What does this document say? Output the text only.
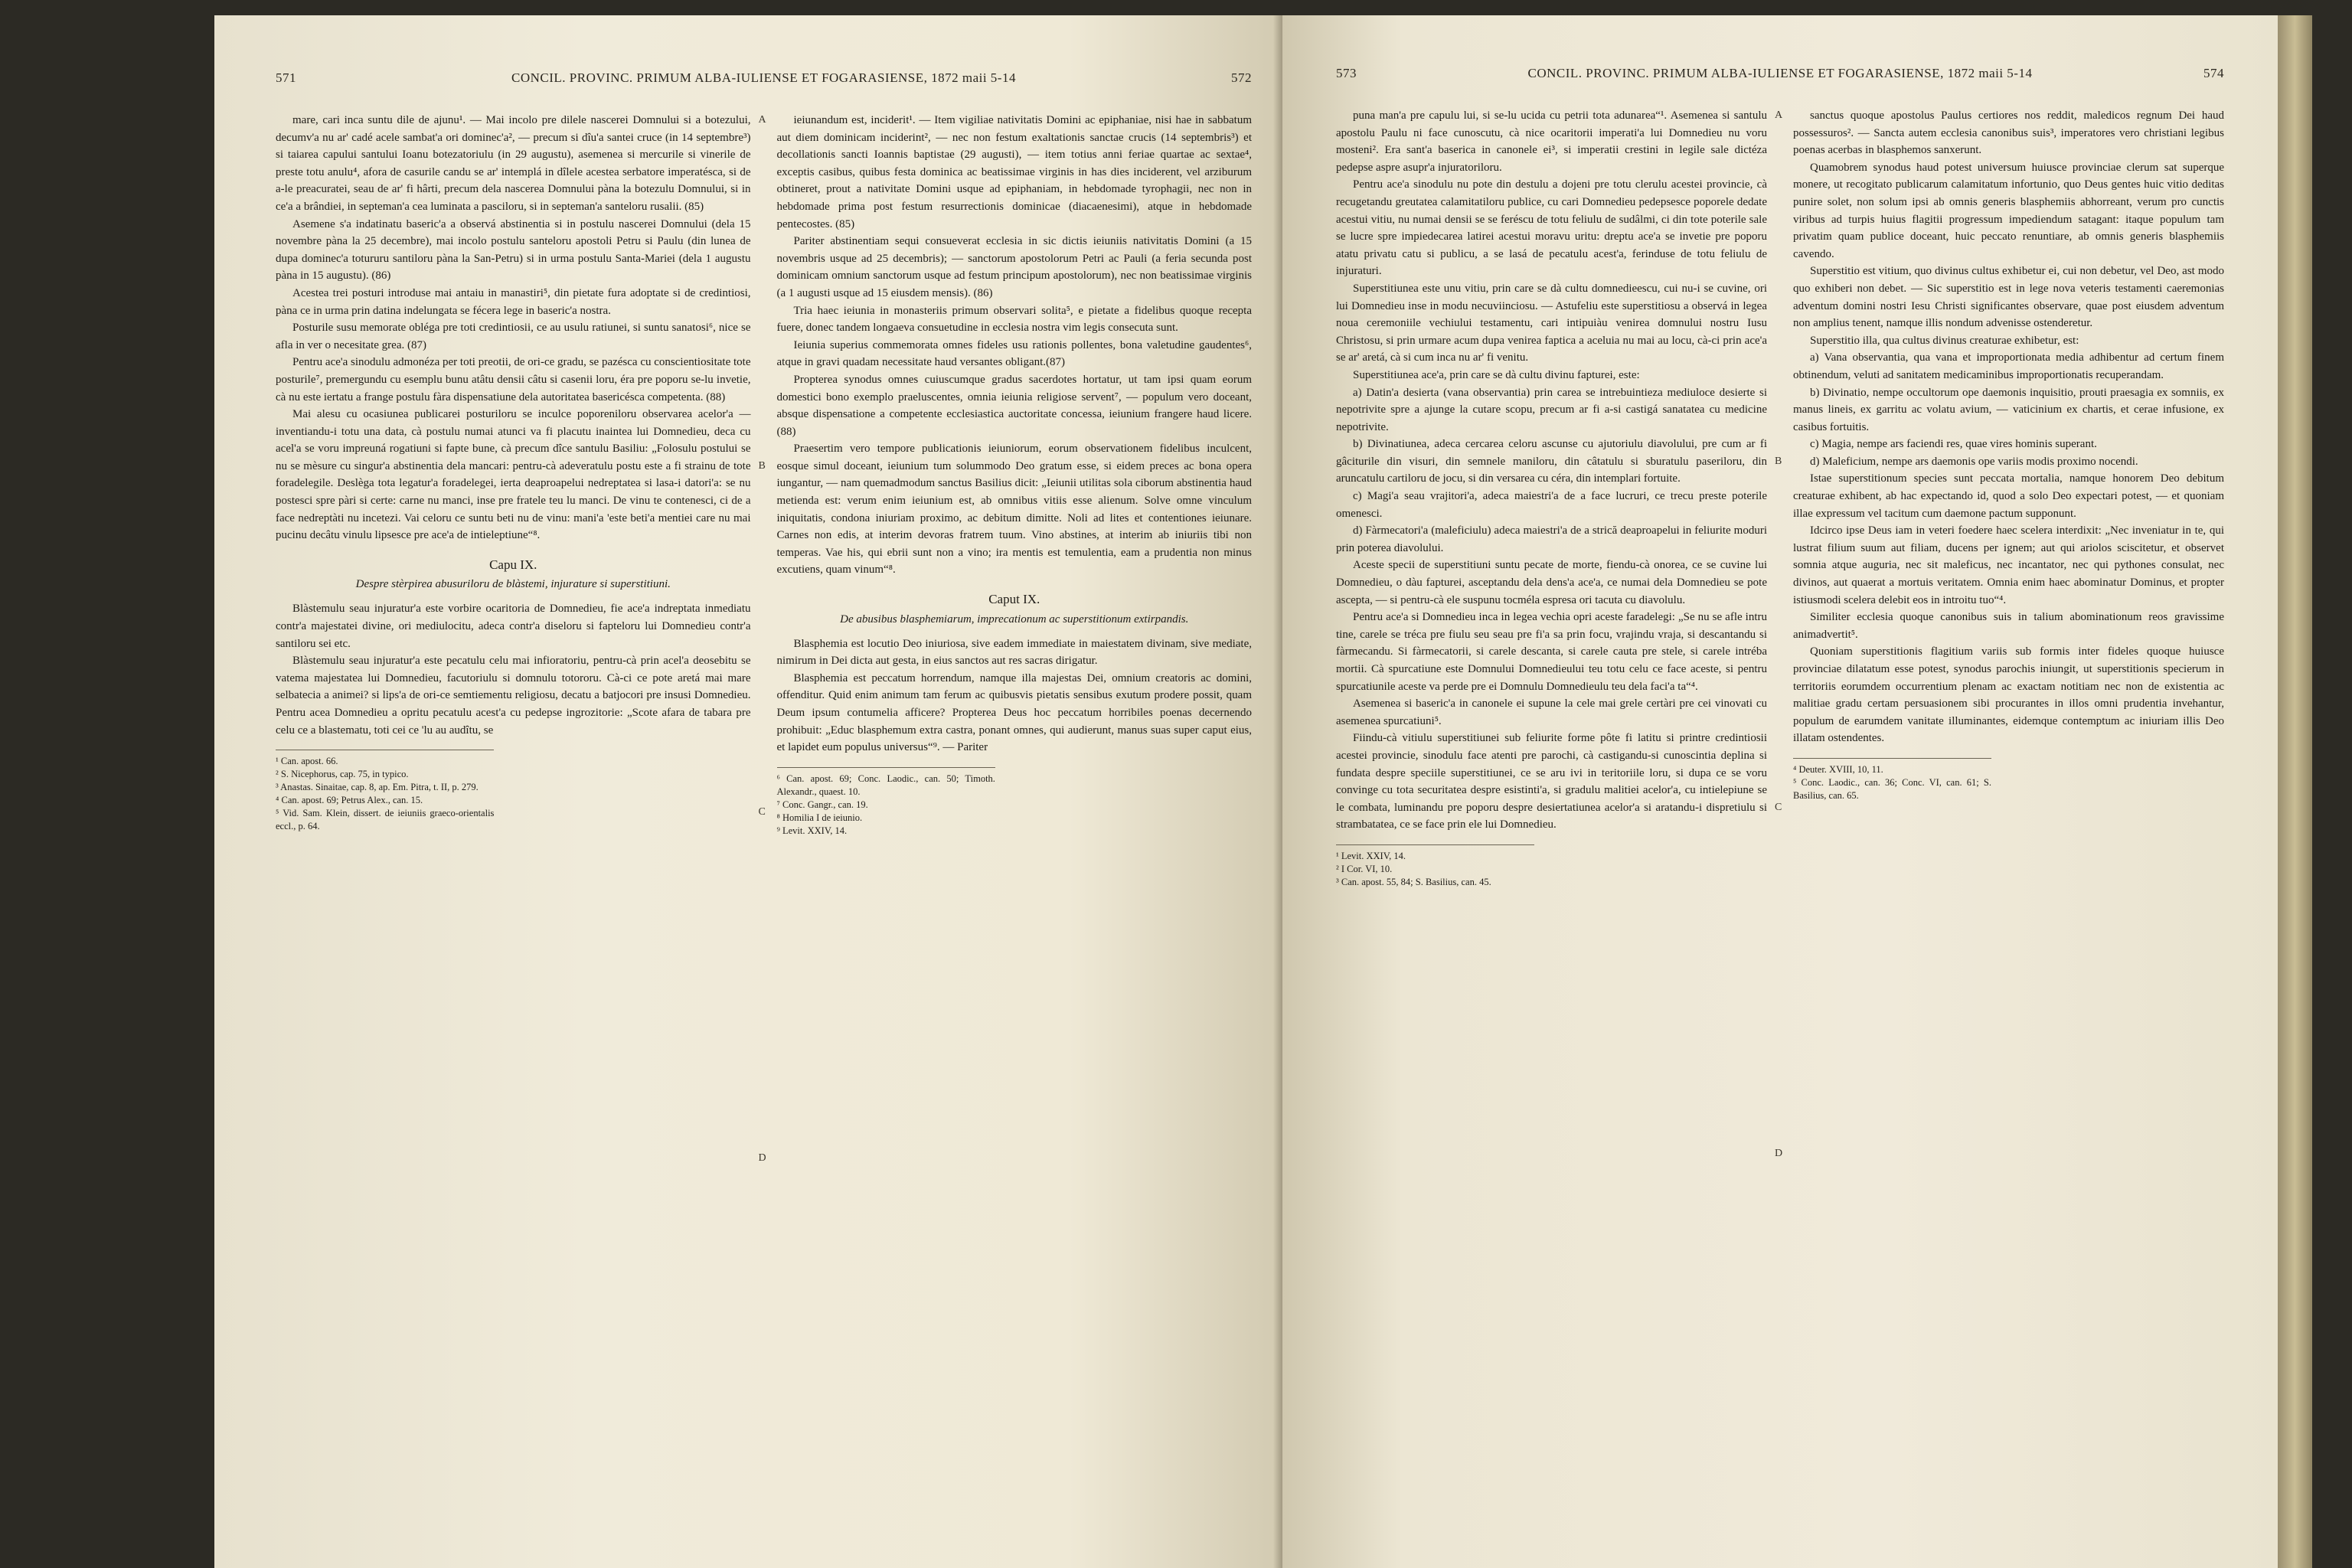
571	CONCIL. PROVINC. PRIMUM ALBA-IULIENSE ET FOGARASIENSE, 1872 maii 5-14	572

mare, cari inca suntu dile de ajunu¹. — Mai incolo pre dilele nascerei Domnului si a botezului, decumv'a nu ar' cadé acele sambat'a ori dominec'a², — precum si dîu'a santei cruce (in 14 septembre³) si taiarea capului santului Ioanu botezatoriulu (in 29 augustu), asemenea si mercurile si vinerile de preste totu anulu⁴, afora de casurile candu se ar' intemplá in dîlele acestea serbatore imperatésca, si de a-le preacuratei, seau de ar' fi hârti, precum dela nascerea Domnului pàna la botezulu Domnului, si in ce'a a brândiei, in septeman'a cea luminata a pasciloru, si in septeman'a santeloru rusalii. (85)

Asemene s'a indatinatu baseric'a a observá abstinentia si in postulu nascerei Domnului (dela 15 novembre pàna la 25 decembre), mai incolo postulu santeloru apostoli Petru si Paulu (din lunea de dupa dominec'a totururu santiloru pàna la San-Petru) si in urma postulu Santa-Mariei (dela 1 augustu pàna in 15 augustu). (86)

Acestea trei posturi introduse mai antaiu in manastiri⁵, din pietate fura adoptate si de credintiosi, pàna ce in urma prin datina indelungata se fécera lege in baseric'a nostra.

Posturile susu memorate obléga pre toti credintiosii, ce au usulu ratiunei, si suntu sanatosi⁶, nice se afla in ver o necesitate grea. (87)

Pentru ace'a sinodulu admonéza per toti preotii, de ori-ce gradu, se pazésca cu conscientiositate tote posturile⁷, premergundu cu esemplu bunu atâtu densii câtu si casenii loru, éra pre poporu se-lu invetie, cà nu este iertatu a frange postulu fàra dispensatiune dela autoritatea basericésca competenta. (88)

Mai alesu cu ocasiunea publicarei posturiloru se inculce poporeniloru observarea acelor'a — inventiandu-i totu una data, cà postulu numai atunci va fi placutu inaintea lui Domnedieu, deca cu acel'a se voru impreuná rogatiuni si fapte bune, cà precum dîce santulu Basiliu: „Folosulu postului se nu se mèsure cu singur'a abstinentia dela mancari: pentru-cà adeveratulu postu este a fi strainu de tote foradelegile. Deslèga tota legatur'a foradelegei, ierta deaproapelui nedreptatea si lasa-i datori'a: se nu postesci spre pàri si certe: carne nu manci, inse pre fratele teu lu manci. De vinu te contenesci, ci de a face nedreptàti nu incetezi. Vai celoru ce suntu beti nu de vinu: mani'a 'este beti'a mentiei care nu mai pucinu decâtu vinulu lipsesce pre ace'a de intieleptiune“⁸.

Capu IX.
Despre stèrpirea abusuriloru de blàstemi, injurature si superstitiuni.

Blàstemulu seau injuratur'a este vorbire ocaritoria de Domnedieu, fie ace'a indreptata inmediatu contr'a majestatei divine, ori mediulocitu, adeca contr'a diseloru si fapteloru lui Domnedieu contr'a santiloru sei etc.

Blàstemulu seau injuratur'a este pecatulu celu mai infioratoriu, pentru-cà prin acel'a deosebitu se vatema majestatea lui Domnedieu, facutoriulu si domnulu totororu. Cà-ci ce pote aretá mai mare selbatecia a animei? si lips'a de ori-ce semtiementu religiosu, decatu a batjocori pre insusi Domnedieu. Pentru acea Domnedieu a opritu pecatulu acest'a cu pedepse ingrozitorie: „Scote afara de tabara pre celu ce a blastematu, toti cei ce 'lu au audîtu, se

¹ Can. apost. 66.
² S. Nicephorus, cap. 75, in typico.
³ Anastas. Sinaitae, cap. 8, ap. Em. Pitra, t. II, p. 279.
⁴ Can. apost. 69; Petrus Alex., can. 15.
⁵ Vid. Sam. Klein, dissert. de ieiuniis graeco-orientalis eccl., p. 64.
A
B
C
D

ieiunandum est, inciderit¹. — Item vigiliae nativitatis Domini ac epiphaniae, nisi hae in sabbatum aut diem dominicam inciderint², — nec non festum exaltationis sanctae crucis (14 septembris³) et decollationis sancti Ioannis baptistae (29 augusti), — item totius anni feriae quartae ac sextae⁴, exceptis casibus, quibus festa dominica ac beatissimae virginis in has dies inciderent, vel arziburum obtineret, prout a nativitate Domini usque ad epiphaniam, in hebdomade tyrophagii, nec non in hebdomade prima post festum resurrectionis dominicae (diacaenesimi), atque in hebdomade pentecostes. (85)

Pariter abstinentiam sequi consueverat ecclesia in sic dictis ieiuniis nativitatis Domini (a 15 novembris usque ad 25 decembris); — sanctorum apostolorum Petri ac Pauli (a feria secunda post dominicam omnium sanctorum usque ad festum principum apostolorum), nec non beatissimae virginis (a 1 augusti usque ad 15 eiusdem mensis). (86)

Tria haec ieiunia in monasteriis primum observari solita⁵, e pietate a fidelibus quoque recepta fuere, donec tandem longaeva consuetudine in ecclesia nostra vim legis consecuta sunt.

Ieiunia superius commemorata omnes fideles usu rationis pollentes, bona valetudine gaudentes⁶, atque in gravi quadam necessitate haud versantes obligant.(87)

Propterea synodus omnes cuiuscumque gradus sacerdotes hortatur, ut tam ipsi quam eorum domestici bono exemplo praeluscentes, omnia ieiunia religiose servent⁷, — populum vero doceant, absque dispensatione a competente ecclesiastica auctoritate concessa, ieiunium frangere haud licere. (88)

Praesertim vero tempore publicationis ieiuniorum, eorum observationem fidelibus inculcent, eosque simul doceant, ieiunium tum solummodo Deo gratum esse, si eidem preces ac bona opera iungantur, — nam quemadmodum sanctus Basilius dicit: „Ieiunii utilitas sola ciborum abstinentia haud metienda est: verum enim ieiunium est, ab omnibus vitiis esse alienum. Solve omne vinculum iniquitatis, condona iniuriam proximo, ac debitum dimitte. Noli ad lites et contentiones ieiunare. Carnes non edis, at interim devoras fratrem tuum. Vino abstines, at interim ab iniuriis tibi non temperas. Vae his, qui ebrii sunt non a vino; ira mentis est temulentia, eam a prudentia non minus excutiens, quam vinum“⁸.

Caput IX.
De abusibus blasphemiarum, imprecationum ac superstitionum extirpandis.

Blasphemia est locutio Deo iniuriosa, sive eadem immediate in maiestatem divinam, sive mediate, nimirum in Dei dicta aut gesta, in eius sanctos aut res sacras dirigatur.

Blasphemia est peccatum horrendum, namque illa majestas Dei, omnium creatoris ac domini, offenditur. Quid enim animum tam ferum ac quibusvis pietatis sensibus exutum prodere possit, quam Deum ipsum contumelia afficere? Propterea Deus hoc peccatum horribiles poenas decernendo prohibuit: „Educ blasphemum extra castra, ponant omnes, qui audierunt, manus suas super caput eius, et lapidet eum populus universus“⁹. — Pariter

⁶ Can. apost. 69; Conc. Laodic., can. 50; Timoth. Alexandr., quaest. 10.
⁷ Conc. Gangr., can. 19.
⁸ Homilia I de ieiunio.
⁹ Levit. XXIV, 14.
573	CONCIL. PROVINC. PRIMUM ALBA-IULIENSE ET FOGARASIENSE, 1872 maii 5-14	574

puna man'a pre capulu lui, si se-lu ucida cu petrii tota adunarea“¹. Asemenea si santulu apostolu Paulu ni face cunoscutu, cà nice ocaritorii imperati'a lui Domnedieu nu voru mosteni². Era sant'a baserica in canonele ei³, si imperatii crestini in legile sale dictéza pedepse aspre asupr'a injuratoriloru.

Pentru ace'a sinodulu nu pote din destulu a dojeni pre totu clerulu acestei provincie, cà recugetandu greutatea calamitatiloru publice, cu cari Domnedieu pedepsesce poporele dedate acestui vitiu, nu numai densii se se feréscu de totu feliulu de sudâlmi, ci din tote poterile sale se lucre spre impiedecarea latirei acestui moravu uritu: dreptu ace'a se invetie pre poporu atatu privatu catu si publicu, a se lasá de pecatulu acest'a, ferinduse de totu feliulu de injuraturi.

Superstitiunea este unu vitiu, prin care se dà cultu domnedieescu, cui nu-i se cuvine, ori lui Domnedieu inse in modu necuviinciosu. — Astufeliu este superstitiosu a observá in legea noua ceremoniile vechiului testamentu, cari intipuiàu venirea domnului nostru Iusu Christosu, si prin urmare acum dupa venirea faptica a aceluia nu mai au locu, cà-ci prin ace'a se ar' aretá, cà si cum inca nu ar' fi venitu.

Superstitiunea ace'a, prin care se dà cultu divinu fapturei, este:

a) Datin'a desierta (vana observantia) prin carea se intrebuintieza mediuloce desierte si nepotrivite spre a ajunge la cutare scopu, precum ar fi a-si castigá sanatatea cu medicine nepotrivite.

b) Divinatiunea, adeca cercarea celoru ascunse cu ajutoriulu diavolului, pre cum ar fi gâciturile din visuri, din semnele maniloru, din câtatulu si sburatulu paseriloru, din aruncatulu cartiloru de jocu, si din versarea cu céra, din intemplari fortuite.

c) Magi'a seau vrajitori'a, adeca maiestri'a de a face lucruri, ce trecu preste poterile omenesci.

d) Fàrmecatori'a (maleficiulu) adeca maiestri'a de a strică deaproapelui in feliurite moduri prin poterea diavolului.

Aceste specii de superstitiuni suntu pecate de morte, fiendu-cà onorea, ce se cuvine lui Domnedieu, o dàu fapturei, asceptandu dela dens'a ace'a, ce numai dela Domnedieu se pote ascepta, — si pentru-cà ele suspunu tocméla espresa ori tacuta cu diavolulu.

Pentru ace'a si Domnedieu inca in legea vechia opri aceste faradelegi: „Se nu se afle intru tine, carele se tréca pre fiulu seu seau pre fi'a sa prin focu, vrajindu vraja, si descantandu si fàrmecandu. Si fàrmecatorii, si carele descanta, si carele cauta pre stele, si carele intréba mortii. Cà spurcatiune este Domnului Domnedieului teu totu celu ce face aceste, si pentru spurcatiunile aceste va perde pre ei Domnulu Domnedieulu teu dela faci'a ta“⁴.

Asemenea si baseric'a in canonele ei supune la cele mai grele certàri pre cei vinovati cu asemenea spurcatiuni⁵.

Fiindu-cà vitiulu superstitiunei sub feliurite forme pôte fi latitu si printre credintiosii acestei provincie, sinodulu face atenti pre parochi, cà castigandu-si cunoscintia deplina si fundata despre speciile superstitiunei, ce se aru ivi in teritoriile loru, si dupa ce se voru convinge cu tota securitatea despre esistinti'a, si gradulu malitiei acelor'a, cu intielepiune se le combata, luminandu pre poporu despre desiertatiunea acelor'a si aratandu-i dispretiulu si strambatatea, ce se face prin ele lui Domnedieu.

¹ Levit. XXIV, 14.
² I Cor. VI, 10.
³ Can. apost. 55, 84; S. Basilius, can. 45.
A
B
C
D

sanctus quoque apostolus Paulus certiores nos reddit, maledicos regnum Dei haud possessuros². — Sancta autem ecclesia canonibus suis³, imperatores vero christiani legibus poenas acerbas in blasphemos sanxerunt.

Quamobrem synodus haud potest universum huiusce provinciae clerum sat superque monere, ut recogitato publicarum calamitatum infortunio, quo Deus gentes huic vitio deditas punire solet, non solum ipsi ab omnis generis blasphemiis abhorreant, verum pro cunctis viribus ad turpis huius flagitii progressum impediendum satagant: itaque populum tam privatim quam publice doceant, huic peccato renuntiare, ab omnis generis blasphemiis cavendo.

Superstitio est vitium, quo divinus cultus exhibetur ei, cui non debetur, vel Deo, ast modo quo exhiberi non debet. — Sic superstitio est in lege nova veteris testamenti caeremonias adventum domini nostri Iesu Christi significantes observare, quae post eiusdem adventum non amplius tenent, namque illis nondum advenisse ostenderetur.

Superstitio illa, qua cultus divinus creaturae exhibetur, est:

a) Vana observantia, qua vana et improportionata media adhibentur ad certum finem obtinendum, veluti ad sanitatem medicaminibus improportionatis recuperandam.

b) Divinatio, nempe occultorum ope daemonis inquisitio, prouti praesagia ex somniis, ex manus lineis, ex garritu ac volatu avium, — vaticinium ex chartis, et cerae infusione, ex casibus fortuitis.

c) Magia, nempe ars faciendi res, quae vires hominis superant.

d) Maleficium, nempe ars daemonis ope variis modis proximo nocendi.

Istae superstitionum species sunt peccata mortalia, namque honorem Deo debitum creaturae exhibent, ab hac expectando id, quod a solo Deo expectari potest, — et quoniam illae expressum vel tacitum cum daemone pactum supponunt.

Idcirco ipse Deus iam in veteri foedere haec scelera interdixit: „Nec inveniatur in te, qui lustrat filium suum aut filiam, ducens per ignem; aut qui ariolos sciscitetur, et observet somnia atque auguria, nec sit maleficus, nec incantator, nec qui pythones consulat, nec divinos, aut quaerat a mortuis veritatem. Omnia enim haec abominatur Dominus, et propter istiusmodi scelera delebit eos in introitu tuo“⁴.

Similiter ecclesia quoque canonibus suis in talium abominationum reos gravissime animadvertit⁵.

Quoniam superstitionis flagitium variis sub formis inter fideles quoque huiusce provinciae dilatatum esse potest, synodus parochis iniungit, ut superstitionis specierum in territoriis eorumdem occurrentium plenam ac exactam notitiam nec non de existentia ac malitiae gradu certam persuasionem sibi procurantes in illos omni prudentia invehantur, populum de earumdem vanitate illuminantes, eidemque contemptum ac iniuriam illis Deo illatam ostendentes.

⁴ Deuter. XVIII, 10, 11.
⁵ Conc. Laodic., can. 36; Conc. VI, can. 61; S. Basilius, can. 65.
